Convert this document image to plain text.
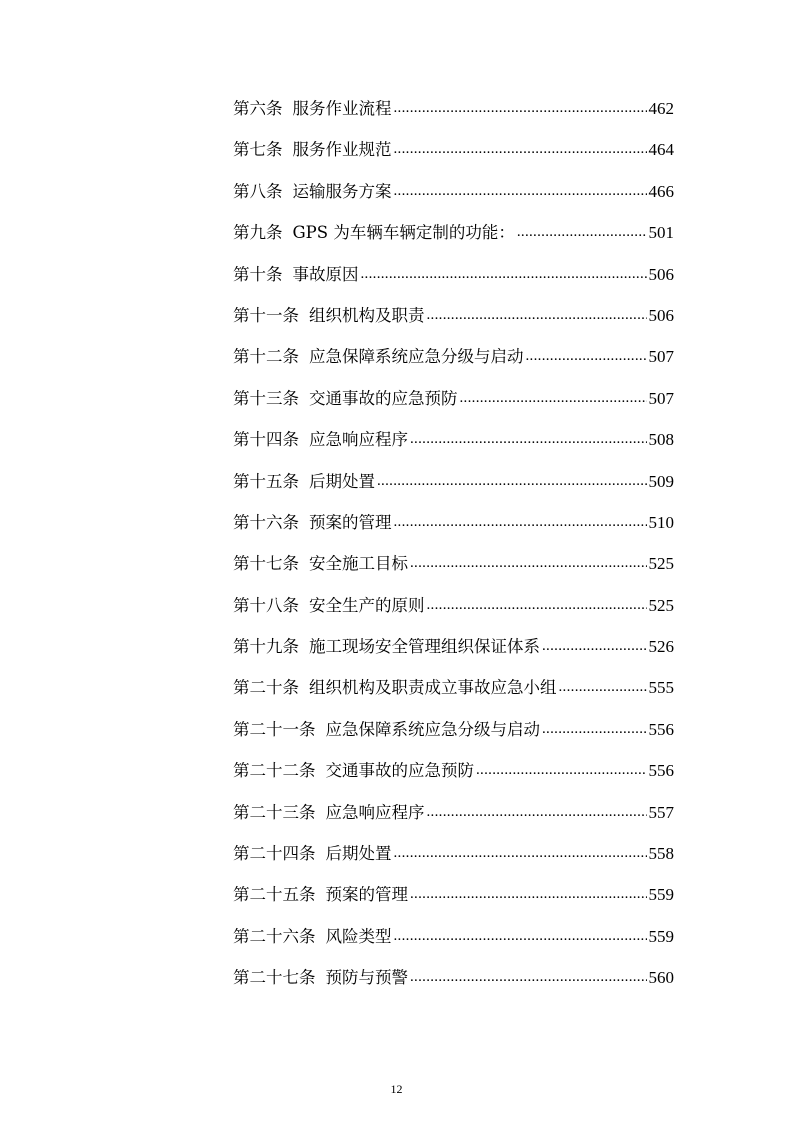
第六条 服务作业流程 .....	462
第七条 服务作业规范 .....	464
第八条 运输服务方案 .....	466
第九条 GPS 为车辆车辆定制的功能： .....	501
第十条 事故原因 .....	506
第十一条 组织机构及职责 .....	506
第十二条 应急保障系统应急分级与启动 .....	507
第十三条 交通事故的应急预防 .....	507
第十四条 应急响应程序 .....	508
第十五条 后期处置 .....	509
第十六条 预案的管理 .....	510
第十七条 安全施工目标 .....	525
第十八条 安全生产的原则 .....	525
第十九条 施工现场安全管理组织保证体系 .....	526
第二十条 组织机构及职责成立事故应急小组 .....	555
第二十一条 应急保障系统应急分级与启动 .....	556
第二十二条 交通事故的应急预防 .....	556
第二十三条 应急响应程序 .....	557
第二十四条 后期处置 .....	558
第二十五条 预案的管理 .....	559
第二十六条 风险类型 .....	559
第二十七条 预防与预警 .....	560
12
